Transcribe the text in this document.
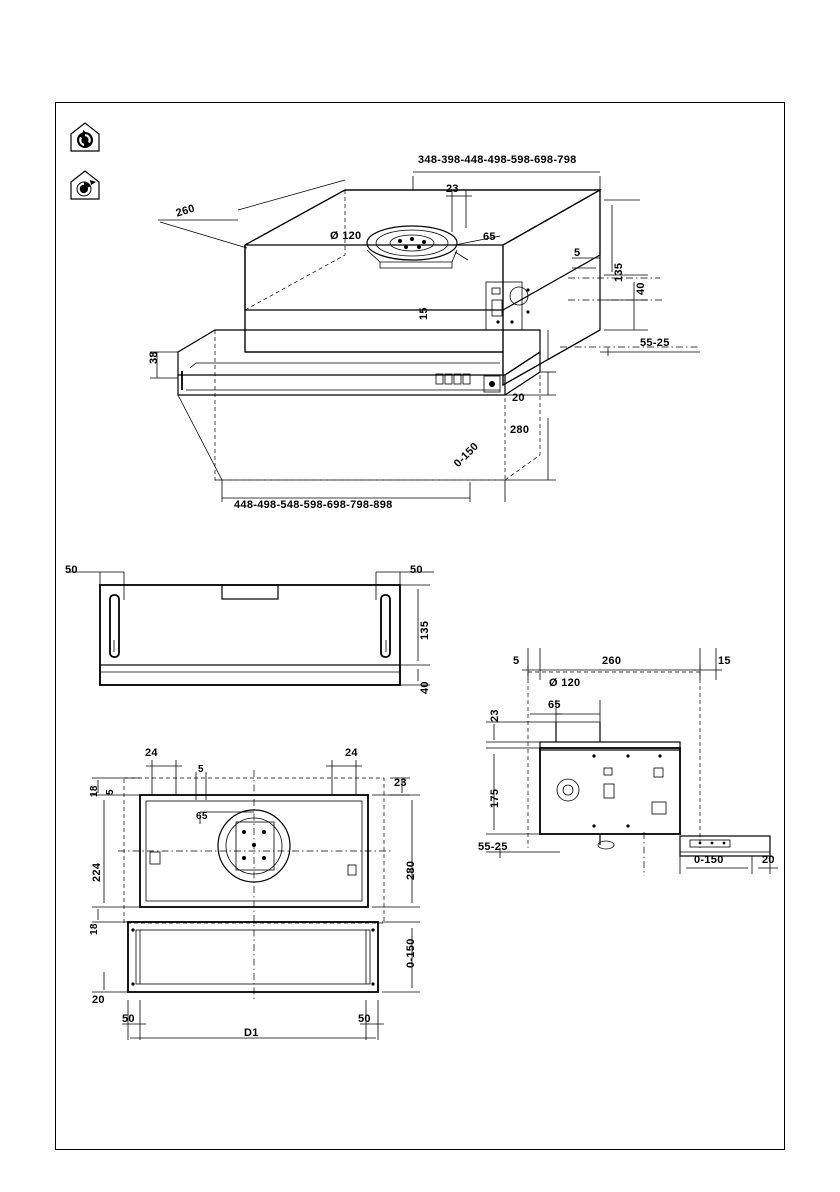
348-398-448-498-598-698-798
260
Ø 120
23
65
135
5
40
55-25
15
38
20
280
0-150
448-498-548-598-698-798-898
50	50
135
40
24	24
5
18 5
224
18
20
23
65
280
0-150
50	50
D1
5	260	15
Ø 120
65
23
175
55-25
0-150	20
